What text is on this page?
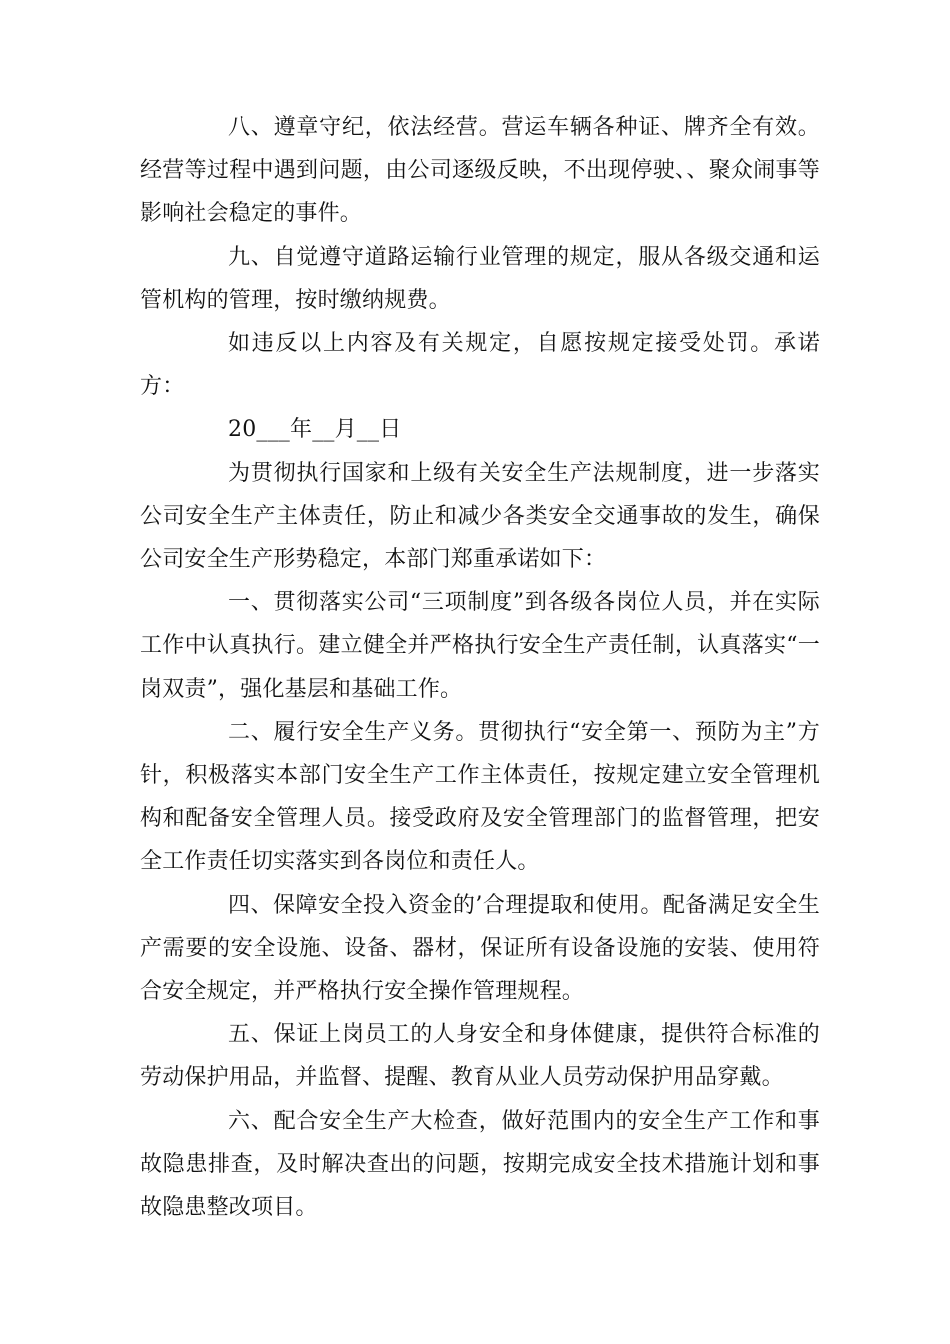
八、遵章守纪，依法经营。营运车辆各种证、牌齐全有效。经营等过程中遇到问题，由公司逐级反映，不出现停驶、、聚众闹事等影响社会稳定的事件。

九、自觉遵守道路运输行业管理的规定，服从各级交通和运管机构的管理，按时缴纳规费。

如违反以上内容及有关规定，自愿按规定接受处罚。承诺方：

20___年__月__日

为贯彻执行国家和上级有关安全生产法规制度，进一步落实公司安全生产主体责任，防止和减少各类安全交通事故的发生，确保公司安全生产形势稳定，本部门郑重承诺如下：

一、贯彻落实公司“三项制度”到各级各岗位人员，并在实际工作中认真执行。建立健全并严格执行安全生产责任制，认真落实“一岗双责”，强化基层和基础工作。

二、履行安全生产义务。贯彻执行“安全第一、预防为主”方针，积极落实本部门安全生产工作主体责任，按规定建立安全管理机构和配备安全管理人员。接受政府及安全管理部门的监督管理，把安全工作责任切实落实到各岗位和责任人。

四、保障安全投入资金的’合理提取和使用。配备满足安全生产需要的安全设施、设备、器材，保证所有设备设施的安装、使用符合安全规定，并严格执行安全操作管理规程。

五、保证上岗员工的人身安全和身体健康，提供符合标准的劳动保护用品，并监督、提醒、教育从业人员劳动保护用品穿戴。

六、配合安全生产大检查，做好范围内的安全生产工作和事故隐患排查，及时解决查出的问题，按期完成安全技术措施计划和事故隐患整改项目。
